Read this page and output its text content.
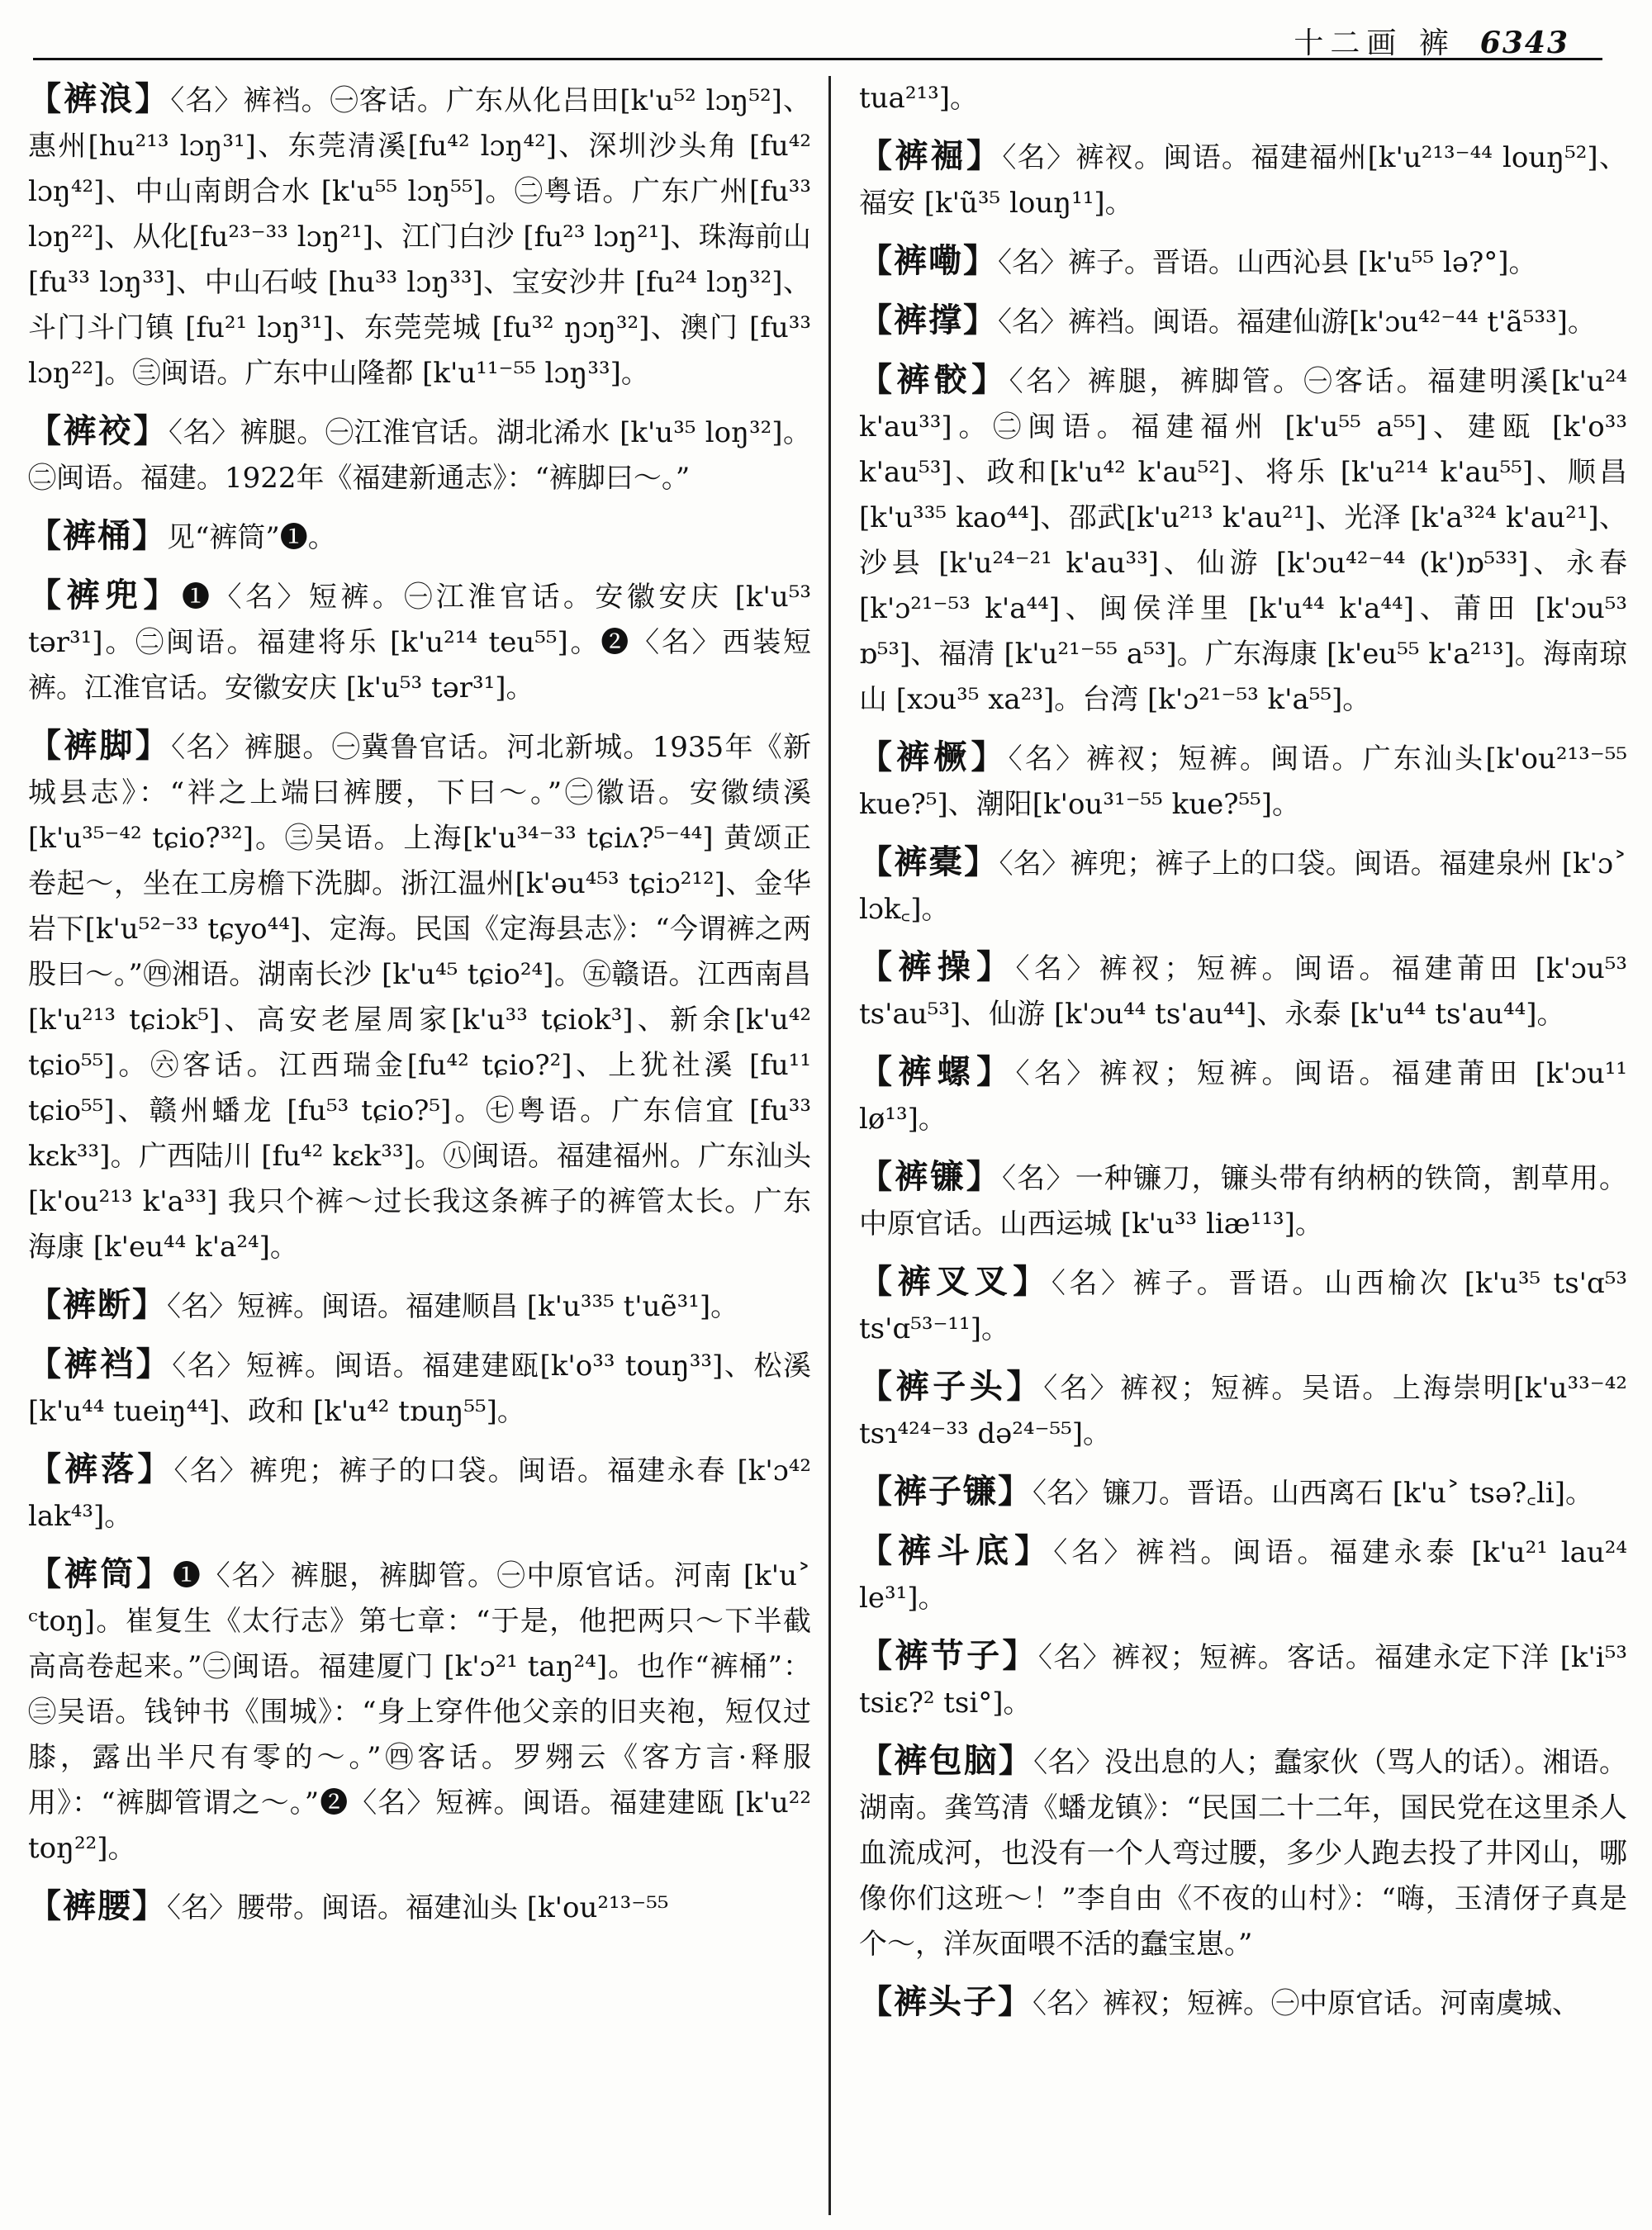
十二画 裤 6343

【裤浪】〈名〉裤裆。㊀客话。广东从化吕田[k'u⁵² lɔŋ⁵²]、惠州[hu²¹³ lɔŋ³¹]、东莞清溪[fu⁴² lɔŋ⁴²]、深圳沙头角 [fu⁴² lɔŋ⁴²]、中山南朗合水 [k'u⁵⁵ lɔŋ⁵⁵]。㊁粤语。广东广州[fu³³ lɔŋ²²]、从化[fu²³⁻³³ lɔŋ²¹]、江门白沙 [fu²³ lɔŋ²¹]、珠海前山 [fu³³ lɔŋ³³]、中山石岐 [hu³³ lɔŋ³³]、宝安沙井 [fu²⁴ lɔŋ³²]、斗门斗门镇 [fu²¹ lɔŋ³¹]、东莞莞城 [fu³² ŋɔŋ³²]、澳门 [fu³³ lɔŋ²²]。㊂闽语。广东中山隆都 [k'u¹¹⁻⁵⁵ lɔŋ³³]。

【裤䘨】〈名〉裤腿。㊀江淮官话。湖北浠水 [k'u³⁵ loŋ³²]。㊁闽语。福建。1922年《福建新通志》：“裤脚曰～。”

【裤桶】见“裤筒”❶。

【裤兜】❶〈名〉短裤。㊀江淮官话。安徽安庆 [k'u⁵³ tər³¹]。㊁闽语。福建将乐 [k'u²¹⁴ teu⁵⁵]。❷〈名〉西装短裤。江淮官话。安徽安庆 [k'u⁵³ tər³¹]。

【裤脚】〈名〉裤腿。㊀冀鲁官话。河北新城。1935年《新城县志》：“袢之上端曰裤腰，下曰～。”㊁徽语。安徽绩溪[k'u³⁵⁻⁴² tɕio?³²]。㊂吴语。上海[k'u³⁴⁻³³ tɕiʌ?⁵⁻⁴⁴] 黄颂正卷起～，坐在工房檐下洗脚。浙江温州[k'əu⁴⁵³ tɕiɔ²¹²]、金华岩下[k'u⁵²⁻³³ tɕyo⁴⁴]、定海。民国《定海县志》：“今谓裤之两股曰～。”㊃湘语。湖南长沙 [k'u⁴⁵ tɕio²⁴]。㊄赣语。江西南昌 [k'u²¹³ tɕiɔk⁵]、高安老屋周家[k'u³³ tɕiok³]、新余[k'u⁴² tɕio⁵⁵]。㊅客话。江西瑞金[fu⁴² tɕio?²]、上犹社溪 [fu¹¹ tɕio⁵⁵]、赣州蟠龙 [fu⁵³ tɕio?⁵]。㊆粤语。广东信宜 [fu³³ kɛk³³]。广西陆川 [fu⁴² kɛk³³]。㊇闽语。福建福州。广东汕头 [k'ou²¹³ k'a³³] 我只个裤～过长我这条裤子的裤管太长。广东海康 [k'eu⁴⁴ k'a²⁴]。

【裤断】〈名〉短裤。闽语。福建顺昌 [k'u³³⁵ t'uẽ³¹]。

【裤裆】〈名〉短裤。闽语。福建建瓯[k'o³³ touŋ³³]、松溪[k'u⁴⁴ tueiŋ⁴⁴]、政和 [k'u⁴² tɒuŋ⁵⁵]。

【裤落】〈名〉裤兜；裤子的口袋。闽语。福建永春 [k'ɔ⁴² lak⁴³]。

【裤筒】❶〈名〉裤腿，裤脚管。㊀中原官话。河南 [k'u˃ ᶜtoŋ]。崔复生《太行志》第七章：“于是，他把两只～下半截高高卷起来。”㊁闽语。福建厦门 [k'ɔ²¹ taŋ²⁴]。也作“裤桶”：㊂吴语。钱钟书《围城》：“身上穿件他父亲的旧夹袍，短仅过膝，露出半尺有零的～。”㊃客话。罗翙云《客方言·释服用》：“裤脚管谓之～。”❷〈名〉短裤。闽语。福建建瓯 [k'u²² toŋ²²]。

【裤腰】〈名〉腰带。闽语。福建汕头 [k'ou²¹³⁻⁵⁵

tua²¹³]。

【裤䘿】〈名〉裤衩。闽语。福建福州[k'u²¹³⁻⁴⁴ louŋ⁵²]、福安 [k'ũ³⁵ louŋ¹¹]。

【裤嘞】〈名〉裤子。晋语。山西沁县 [k'u⁵⁵ lə?°]。

【裤撑】〈名〉裤裆。闽语。福建仙游[k'ɔu⁴²⁻⁴⁴ t'ã⁵³³]。

【裤骹】〈名〉裤腿，裤脚管。㊀客话。福建明溪[k'u²⁴ k'au³³]。㊁闽语。福建福州 [k'u⁵⁵ a⁵⁵]、建瓯 [k'o³³ k'au⁵³]、政和[k'u⁴² k'au⁵²]、将乐 [k'u²¹⁴ k'au⁵⁵]、顺昌[k'u³³⁵ kao⁴⁴]、邵武[k'u²¹³ k'au²¹]、光泽 [k'a³²⁴ k'au²¹]、沙县 [k'u²⁴⁻²¹ k'au³³]、仙游 [k'ɔu⁴²⁻⁴⁴ (k')ɒ⁵³³]、永春 [k'ɔ²¹⁻⁵³ k'a⁴⁴]、闽侯洋里 [k'u⁴⁴ k'a⁴⁴]、莆田 [k'ɔu⁵³ ɒ⁵³]、福清 [k'u²¹⁻⁵⁵ a⁵³]。广东海康 [k'eu⁵⁵ k'a²¹³]。海南琼山 [xɔu³⁵ xa²³]。台湾 [k'ɔ²¹⁻⁵³ k'a⁵⁵]。

【裤橛】〈名〉裤衩；短裤。闽语。广东汕头[k'ou²¹³⁻⁵⁵ kue?⁵]、潮阳[k'ou³¹⁻⁵⁵ kue?⁵⁵]。

【裤橐】〈名〉裤兜；裤子上的口袋。闽语。福建泉州 [k'ɔ˃ lɔk꜀]。

【裤操】〈名〉裤衩；短裤。闽语。福建莆田 [k'ɔu⁵³ ts'au⁵³]、仙游 [k'ɔu⁴⁴ ts'au⁴⁴]、永泰 [k'u⁴⁴ ts'au⁴⁴]。

【裤螺】〈名〉裤衩；短裤。闽语。福建莆田 [k'ɔu¹¹ lø¹³]。

【裤镰】〈名〉一种镰刀，镰头带有纳柄的铁筒，割草用。中原官话。山西运城 [k'u³³ liæ¹¹³]。

【裤叉叉】〈名〉裤子。晋语。山西榆次 [k'u³⁵ ts'ɑ⁵³ ts'ɑ⁵³⁻¹¹]。

【裤子头】〈名〉裤衩；短裤。吴语。上海崇明[k'u³³⁻⁴² tsɿ⁴²⁴⁻³³ də²⁴⁻⁵⁵]。

【裤子镰】〈名〉镰刀。晋语。山西离石 [k'u˃ tsə?꜀li]。

【裤斗底】〈名〉裤裆。闽语。福建永泰 [k'u²¹ lau²⁴ le³¹]。

【裤节子】〈名〉裤衩；短裤。客话。福建永定下洋 [k'i⁵³ tsiɛ?² tsi°]。

【裤包脑】〈名〉没出息的人；蠢家伙（骂人的话）。湘语。湖南。龚笃清《蟠龙镇》：“民国二十二年，国民党在这里杀人血流成河，也没有一个人弯过腰，多少人跑去投了井冈山，哪像你们这班～！”李自由《不夜的山村》：“嗨，玉清伢子真是个～，洋灰面喂不活的蠢宝崽。”

【裤头子】〈名〉裤衩；短裤。㊀中原官话。河南虞城、
